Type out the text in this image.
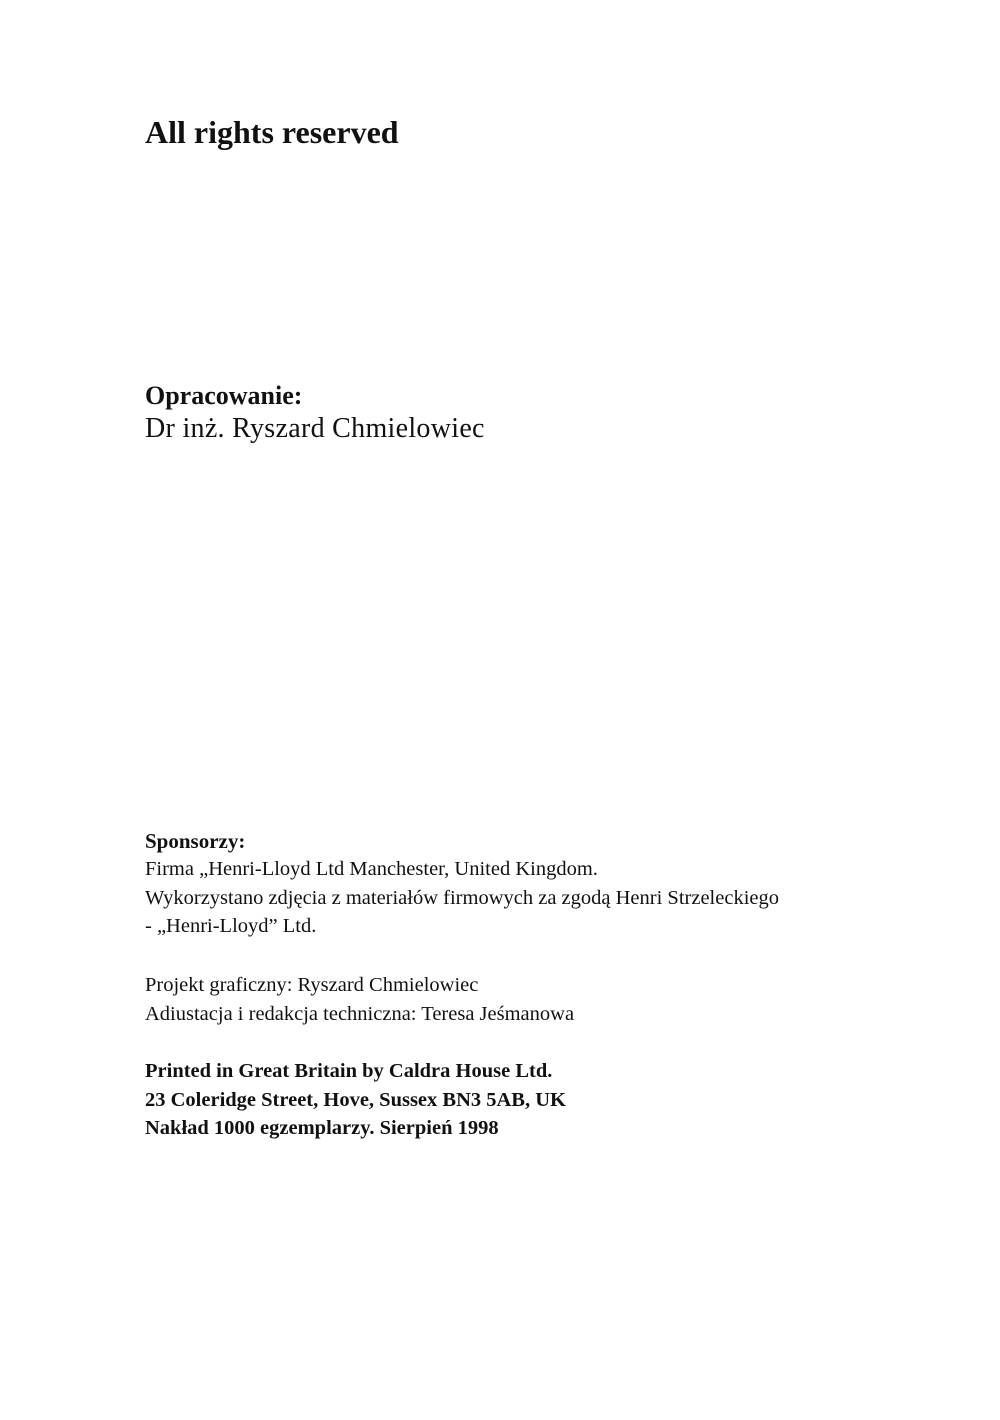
All rights reserved
Opracowanie:
Dr inż. Ryszard Chmielowiec
Sponsorzy:
Firma „Henri-Lloyd Ltd Manchester, United Kingdom.
Wykorzystano zdjęcia z materiałów firmowych za zgodą Henri Strzeleckiego
- „Henri-Lloyd” Ltd.
Projekt graficzny: Ryszard Chmielowiec
Adiustacja i redakcja techniczna: Teresa Jeśmanowa
Printed in Great Britain by Caldra House Ltd.
23 Coleridge Street, Hove, Sussex BN3 5AB, UK
Nakład 1000 egzemplarzy. Sierpień 1998
